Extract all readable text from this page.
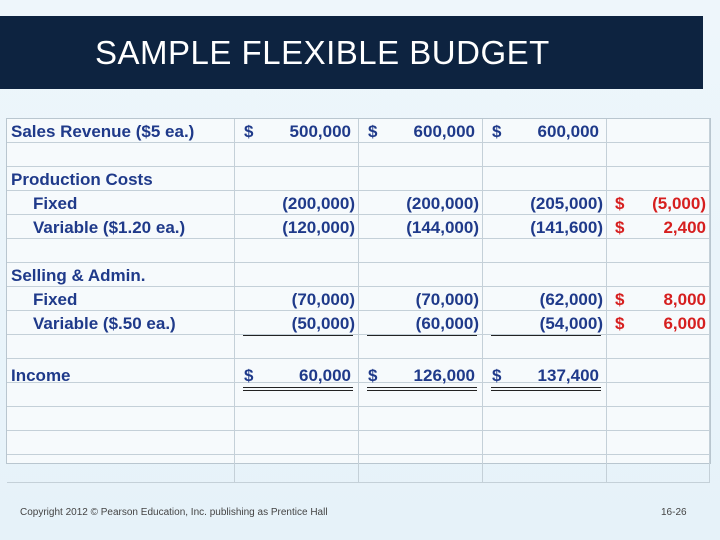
SAMPLE FLEXIBLE BUDGET
Sales Revenue ($5 ea.)	$	500,000 $	600,000 $	600,000
Production Costs
Fixed	(200,000)	(200,000)	(205,000) $	(5,000)
Variable ($1.20 ea.)	(120,000)	(144,000)	(141,600) $	2,400
Selling & Admin.
Fixed	(70,000)	(70,000)	(62,000) $	8,000
Variable ($.50 ea.)	(50,000)	(60,000)	(54,000) $	6,000
Income	$	60,000 $	126,000 $	137,400
Copyright 2012 © Pearson Education, Inc. publishing as Prentice Hall	16-26
